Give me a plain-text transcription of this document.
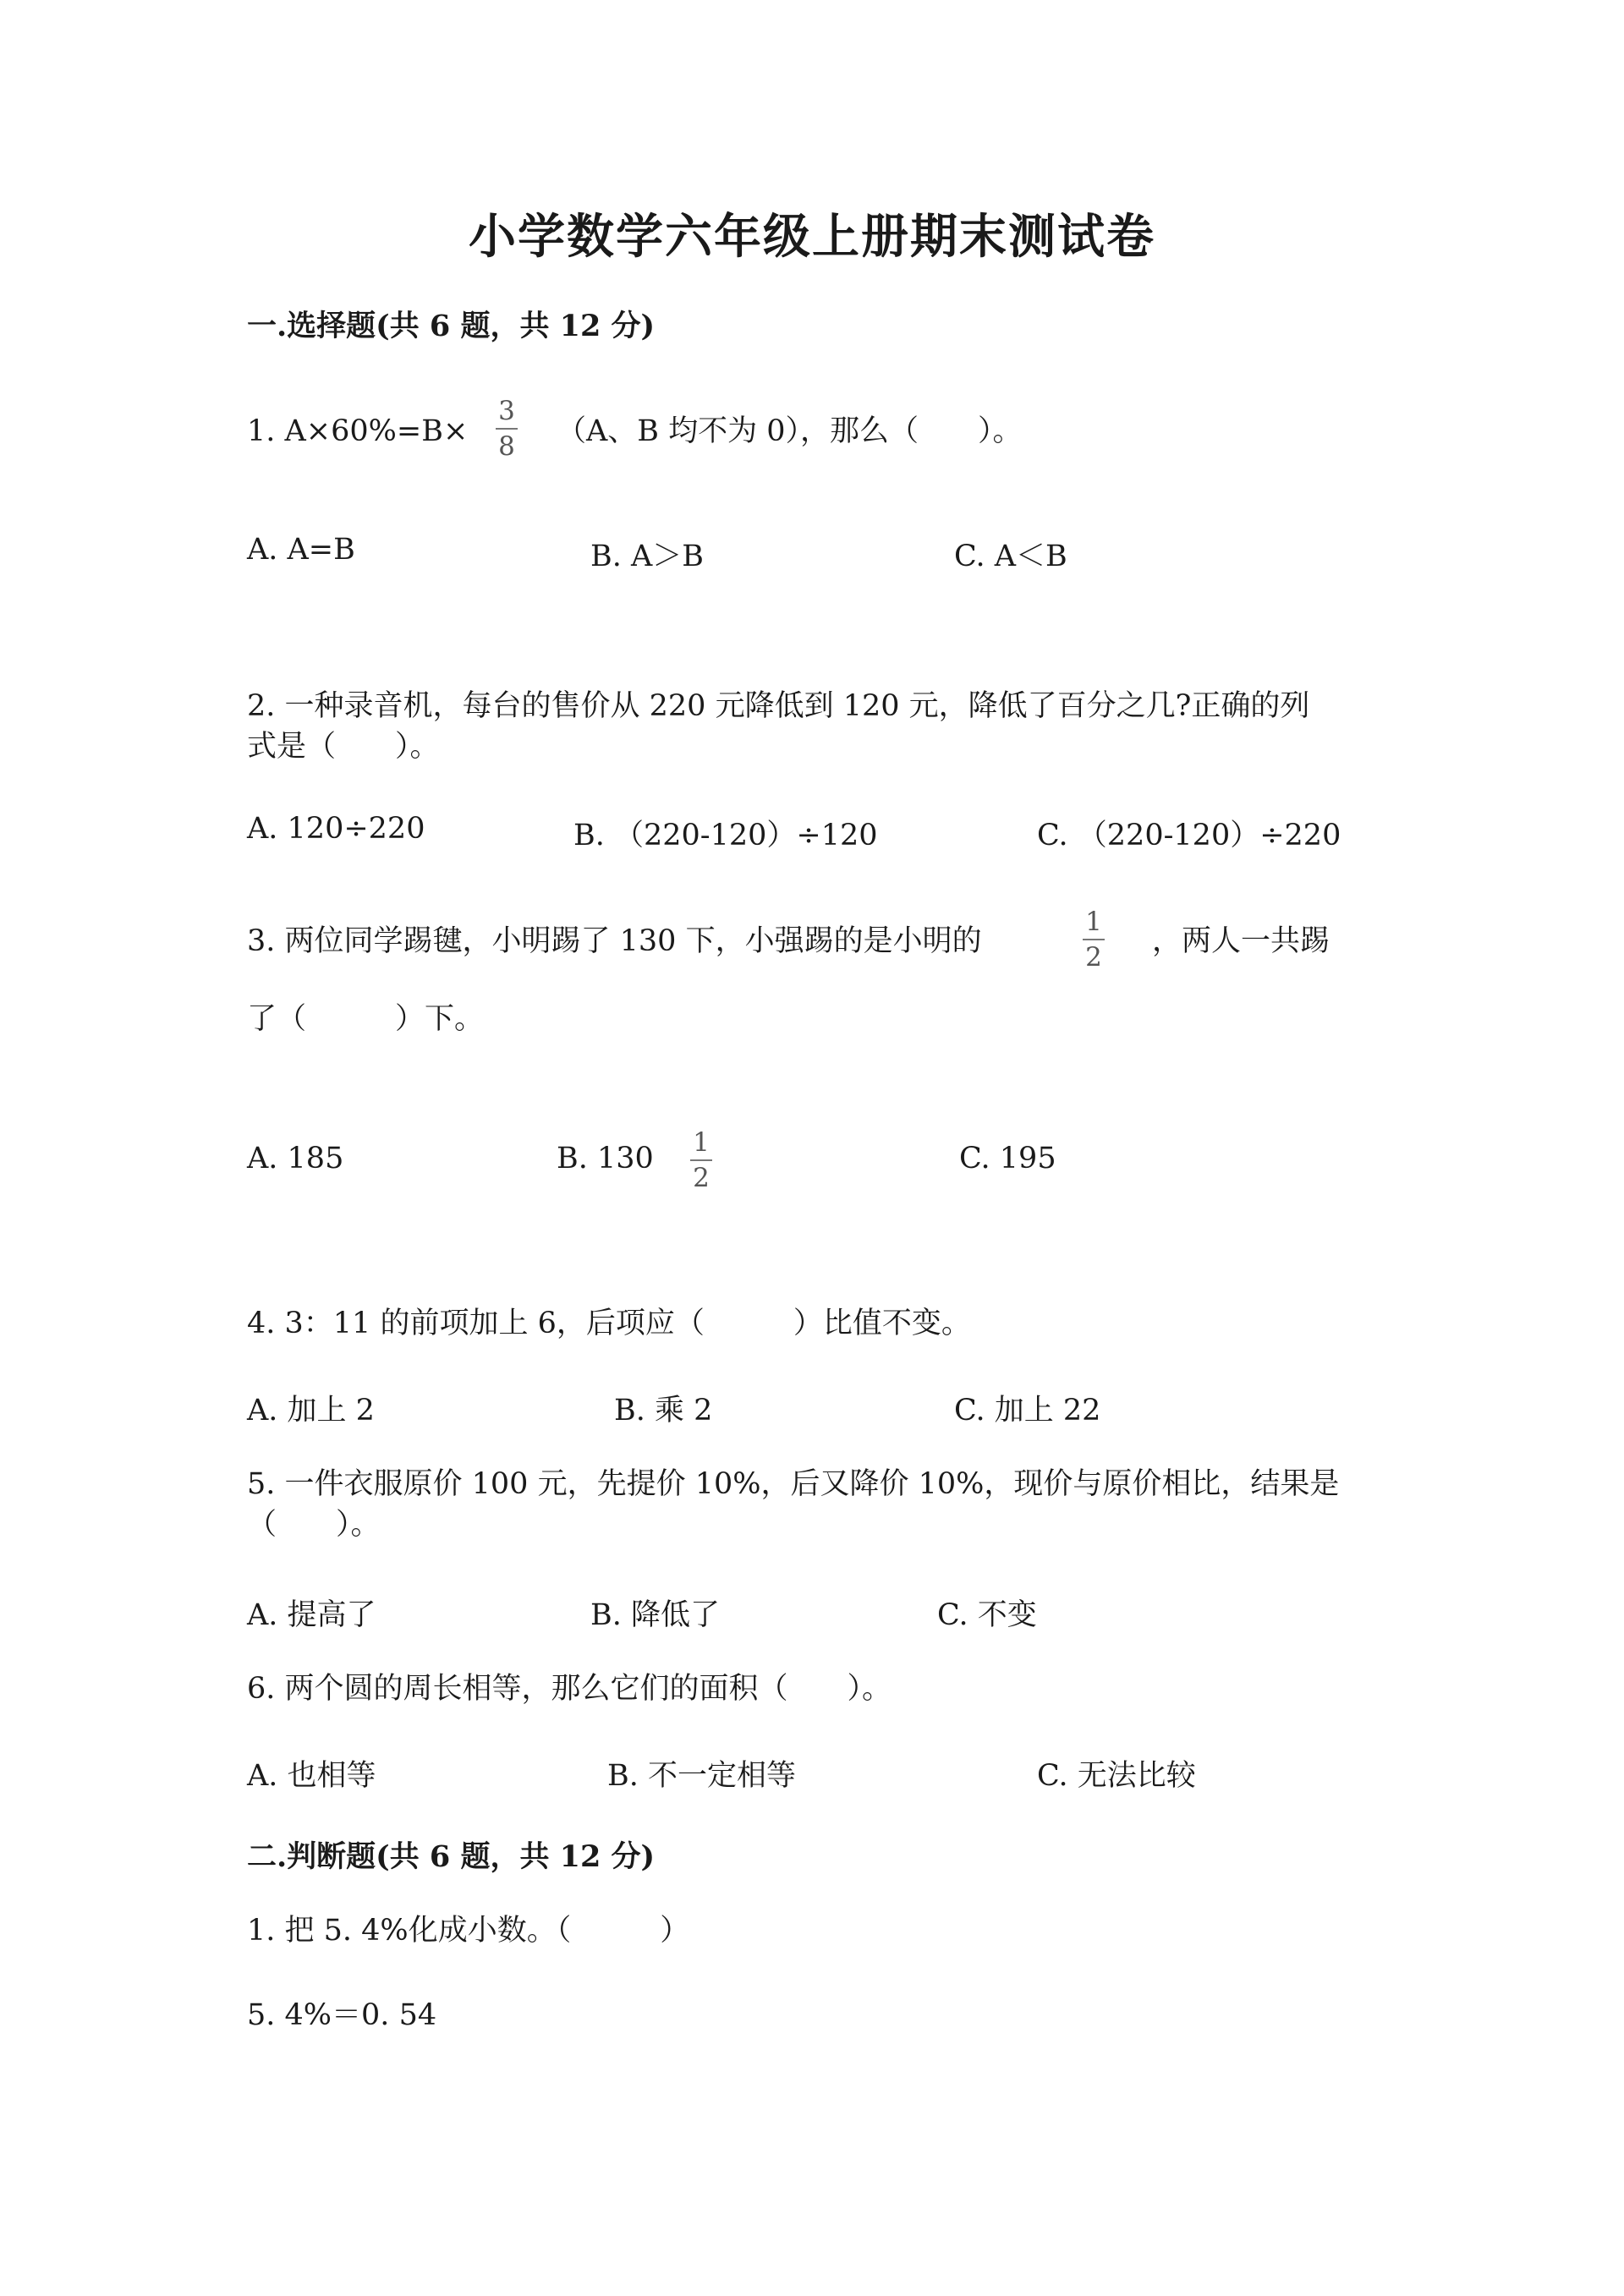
小学数学六年级上册期末测试卷
一.选择题(共 6 题，共 12 分)
1. A×60%=B×
3
8 （A、B 均不为 0），那么（　　）。
A. A=B	B. A＞B	C. A＜B
2. 一种录音机，每台的售价从 220 元降低到 120 元，降低了百分之几?正确的列
式是（　　）。
A. 120÷220	B. （220-120）÷120	C. （220-120）÷220
3. 两位同学踢毽，小明踢了 130 下，小强踢的是小明的
1
2 ，两人一共踢
了（　　　）下。
A. 185	B. 130 1
2
C. 195
4. 3：11 的前项加上 6，后项应（　　　）比值不变。
A. 加上 2	B. 乘 2	C. 加上 22
5. 一件衣服原价 100 元，先提价 10%，后又降价 10%，现价与原价相比，结果是
（　　）。
A. 提高了	B. 降低了	C. 不变
6. 两个圆的周长相等，那么它们的面积（　　）。
A. 也相等	B. 不一定相等	C. 无法比较
二.判断题(共 6 题，共 12 分)
1. 把 5. 4%化成小数。（　　　）
5. 4%＝0. 54
